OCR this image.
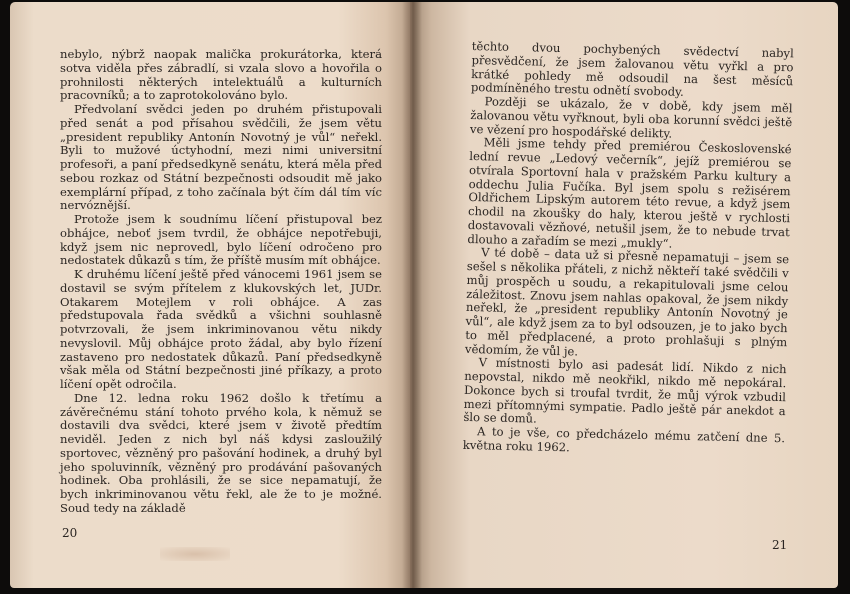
nebylo, nýbrž naopak malička prokurátorka, která sotva viděla přes zábradlí, si vzala slovo a hovořila o prohnilosti některých intelektuálů a kulturních pracovníků; a to zaprotokolováno bylo.

Předvolaní svědci jeden po druhém přistupovali před senát a pod přísahou svědčili, že jsem větu „president republiky Antonín Novotný je vůl“ neřekl. Byli to mužové úctyhodní, mezi nimi universitní profesoři, a paní předsedkyně senátu, která měla před sebou rozkaz od Státní bezpečnosti odsoudit mě jako exemplární případ, z toho začínala být čím dál tím víc nervóznější.

Protože jsem k soudnímu líčení přistupoval bez obhájce, neboť jsem tvrdil, že obhájce nepotřebuji, když jsem nic neprovedl, bylo líčení odročeno pro nedostatek důkazů s tím, že příště musím mít obhájce.

K druhému líčení ještě před vánocemi 1961 jsem se dostavil se svým přítelem z klukovských let, JUDr. Otakarem Motejlem v roli obhájce. A zas předstupovala řada svědků a všichni souhlasně potvrzovali, že jsem inkriminovanou větu nikdy nevyslovil. Můj obhájce proto žádal, aby bylo řízení zastaveno pro nedostatek důkazů. Paní předsedkyně však měla od Státní bezpečnosti jiné příkazy, a proto líčení opět odročila.

Dne 12. ledna roku 1962 došlo k třetímu a závěrečnému stání tohoto prvého kola, k němuž se dostavili dva svědci, které jsem v životě předtím neviděl. Jeden z nich byl náš kdysi zasloužilý sportovec, vězněný pro pašování hodinek, a druhý byl jeho spoluvinník, vězněný pro prodávání pašovaných hodinek. Oba prohlásili, že se sice nepamatují, že bych inkriminovanou větu řekl, ale že to je možné. Soud tedy na základě

20

těchto dvou pochybených svědectví nabyl přesvědčení, že jsem žalovanou větu vyřkl a pro krátké pohledy mě odsoudil na šest měsíců podmíněného trestu odnětí svobody.

Později se ukázalo, že v době, kdy jsem měl žalovanou větu vyřknout, byli oba korunní svědci ještě ve vězení pro hospodářské delikty.

Měli jsme tehdy před premiérou Československé lední revue „Ledový večerník“, jejíž premiérou se otvírala Sportovní hala v pražském Parku kultury a oddechu Julia Fučíka. Byl jsem spolu s režisérem Oldřichem Lipským autorem této revue, a když jsem chodil na zkoušky do haly, kterou ještě v rychlosti dostavovali vězňové, netušil jsem, že to nebude trvat dlouho a zařadím se mezi „mukly“.

V té době – data už si přesně nepamatuji – jsem se sešel s několika přáteli, z nichž někteří také svědčili v můj prospěch u soudu, a rekapitulovali jsme celou záležitost. Znovu jsem nahlas opakoval, že jsem nikdy neřekl, že „president republiky Antonín Novotný je vůl“, ale když jsem za to byl odsouzen, je to jako bych to měl předplacené, a proto prohlašuji s plným vědomím, že vůl je.

V místnosti bylo asi padesát lidí. Nikdo z nich nepovstal, nikdo mě neokřikl, nikdo mě nepokáral. Dokonce bych si troufal tvrdit, že můj výrok vzbudil mezi přítomnými sympatie. Padlo ještě pár anekdot a šlo se domů.

A to je vše, co předcházelo mému zatčení dne 5. května roku 1962.

21
